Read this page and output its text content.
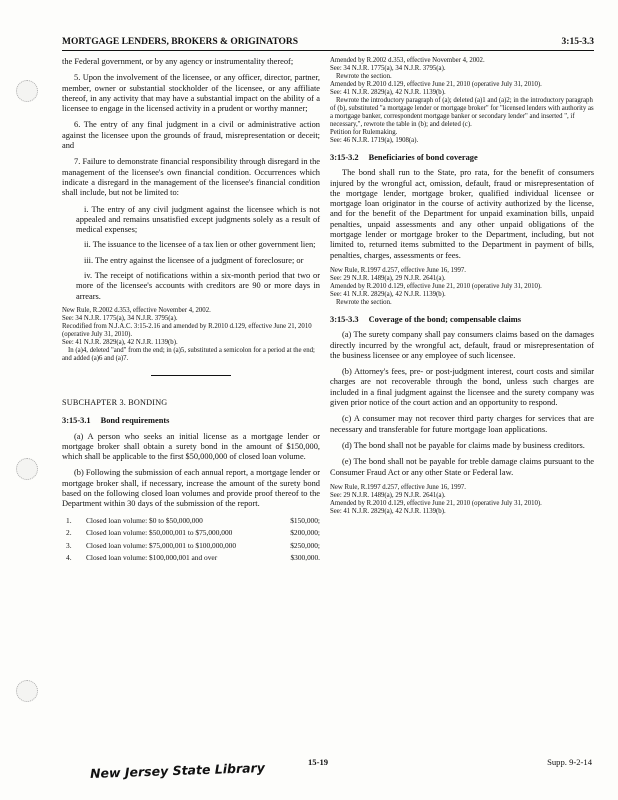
MORTGAGE LENDERS, BROKERS & ORIGINATORS	3:15-3.3

the Federal government, or by any agency or instrumentality thereof;

5. Upon the involvement of the licensee, or any officer, director, partner, member, owner or substantial stockholder of the licensee, or any affiliate thereof, in any activity that may have a substantial impact on the ability of a licensee to engage in the licensed activity in a prudent or worthy manner;

6. The entry of any final judgment in a civil or administrative action against the licensee upon the grounds of fraud, misrepresentation or deceit; and

7. Failure to demonstrate financial responsibility through disregard in the management of the licensee's own financial condition. Occurrences which indicate a disregard in the management of the licensee's financial condition shall include, but not be limited to:

i. The entry of any civil judgment against the licensee which is not appealed and remains unsatisfied except judgments solely as a result of medical expenses;

ii. The issuance to the licensee of a tax lien or other government lien;

iii. The entry against the licensee of a judgment of foreclosure; or

iv. The receipt of notifications within a six-month period that two or more of the licensee's accounts with creditors are 90 or more days in arrears.

New Rule, R.2002 d.353, effective November 4, 2002.

See: 34 N.J.R. 1775(a), 34 N.J.R. 3795(a).

Recodified from N.J.A.C. 3:15-2.16 and amended by R.2010 d.129, effective June 21, 2010 (operative July 31, 2010).

See: 41 N.J.R. 2829(a), 42 N.J.R. 1139(b).

In (a)4, deleted "and" from the end; in (a)5, substituted a semicolon for a period at the end; and added (a)6 and (a)7.

SUBCHAPTER 3. BONDING

3:15-3.1 Bond requirements

(a) A person who seeks an initial license as a mortgage lender or mortgage broker shall obtain a surety bond in the amount of $150,000, which shall be applicable to the first $50,000,000 of closed loan volume.

(b) Following the submission of each annual report, a mortgage lender or mortgage broker shall, if necessary, increase the amount of the surety bond based on the following closed loan volumes and provide proof thereof to the Department within 30 days of the submission of the report.

1.	Closed loan volume: $0 to $50,000,000	$150,000;
2.	Closed loan volume: $50,000,001 to $75,000,000	$200,000;
3.	Closed loan volume: $75,000,001 to $100,000,000	$250,000;
4.	Closed loan volume: $100,000,001 and over	$300,000.

Amended by R.2002 d.353, effective November 4, 2002.

See: 34 N.J.R. 1775(a), 34 N.J.R. 3795(a).

Rewrote the section.

Amended by R.2010 d.129, effective June 21, 2010 (operative July 31, 2010).

See: 41 N.J.R. 2829(a), 42 N.J.R. 1139(b).

Rewrote the introductory paragraph of (a); deleted (a)1 and (a)2; in the introductory paragraph of (b), substituted "a mortgage lender or mortgage broker" for "licensed lenders with authority as a mortgage banker, correspondent mortgage banker or secondary lender" and inserted ", if necessary,", rewrote the table in (b); and deleted (c).

Petition for Rulemaking.

See: 46 N.J.R. 1719(a), 1908(a).

3:15-3.2 Beneficiaries of bond coverage

The bond shall run to the State, pro rata, for the benefit of consumers injured by the wrongful act, omission, default, fraud or misrepresentation of the mortgage lender, mortgage broker, qualified individual licensee or mortgage loan originator in the course of activity authorized by the license, and for the benefit of the Department for unpaid examination bills, unpaid penalties, unpaid assessments and any other unpaid obligations of the mortgage lender or mortgage broker to the Department, including, but not limited to, returned items submitted to the Department in payment of bills, penalties, charges, assessments or fees.

New Rule, R.1997 d.257, effective June 16, 1997.

See: 29 N.J.R. 1489(a), 29 N.J.R. 2641(a).

Amended by R.2010 d.129, effective June 21, 2010 (operative July 31, 2010).

See: 41 N.J.R. 2829(a), 42 N.J.R. 1139(b).

Rewrote the section.

3:15-3.3 Coverage of the bond; compensable claims

(a) The surety company shall pay consumers claims based on the damages directly incurred by the wrongful act, default, fraud or misrepresentation of the business licensee or any employee of such licensee.

(b) Attorney's fees, pre- or post-judgment interest, court costs and similar charges are not recoverable through the bond, unless such charges are included in a final judgment against the licensee and the surety company was given prior notice of the court action and an opportunity to respond.

(c) A consumer may not recover third party charges for services that are necessary and transferable for future mortgage loan applications.

(d) The bond shall not be payable for claims made by business creditors.

(e) The bond shall not be payable for treble damage claims pursuant to the Consumer Fraud Act or any other State or Federal law.

New Rule, R.1997 d.257, effective June 16, 1997.

See: 29 N.J.R. 1489(a), 29 N.J.R. 2641(a).

Amended by R.2010 d.129, effective June 21, 2010 (operative July 31, 2010).

See: 41 N.J.R. 2829(a), 42 N.J.R. 1139(b).

New Jersey State Library	15-19	Supp. 9-2-14
